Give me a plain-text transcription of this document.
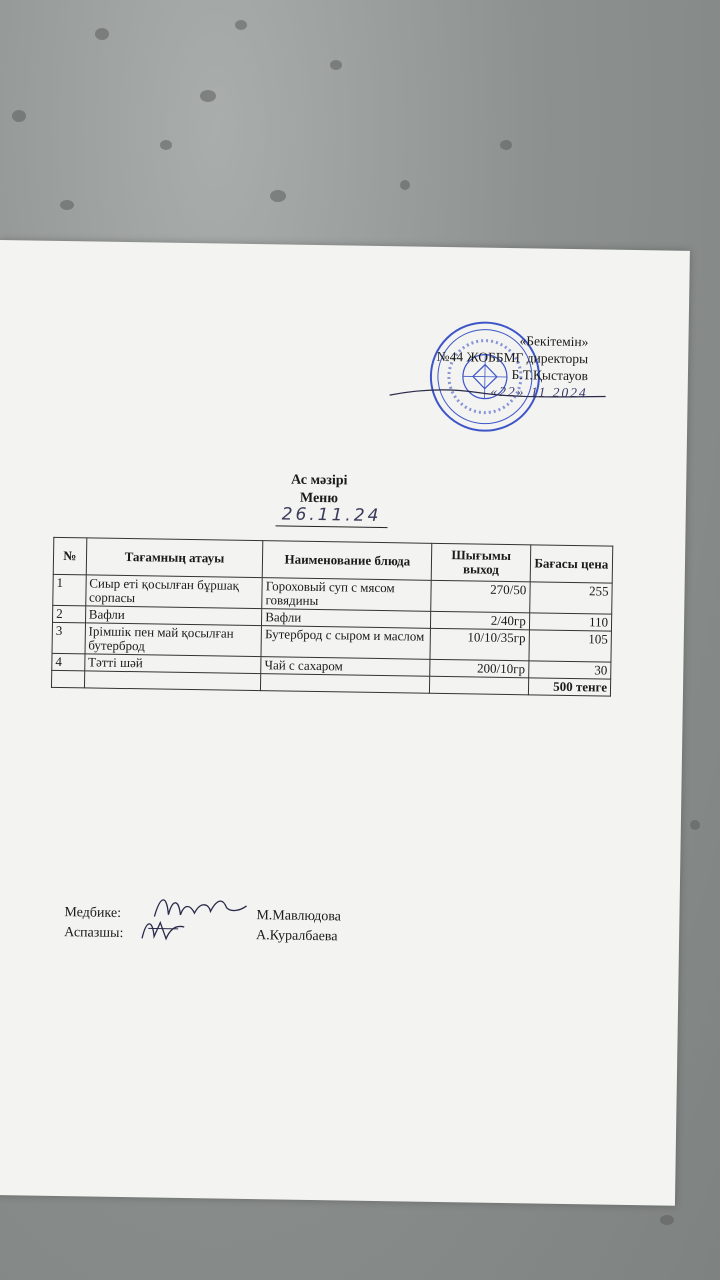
«Бекітемін»
№44 ЖОББМГ директоры
Б.Т.Қыстауов
«22» 11 2024
Ас мәзірі
Меню
26.11.24
№	Тағамның атауы	Наименование блюда	Шығымы выход	Бағасы цена
1	Сиыр еті қосылған бұршақ сорпасы	Гороховый суп с мясом говядины	270/50	255
2	Вафли	Вафли	2/40гр	110
3	Ірімшік пен май қосылған бутерброд	Бутерброд с сыром и маслом	10/10/35гр	105
4	Тәтті шәй	Чай с сахаром	200/10гр	30
				500 тенге
Медбике:	М.Мавлюдова
Аспазшы:	А.Куралбаева
